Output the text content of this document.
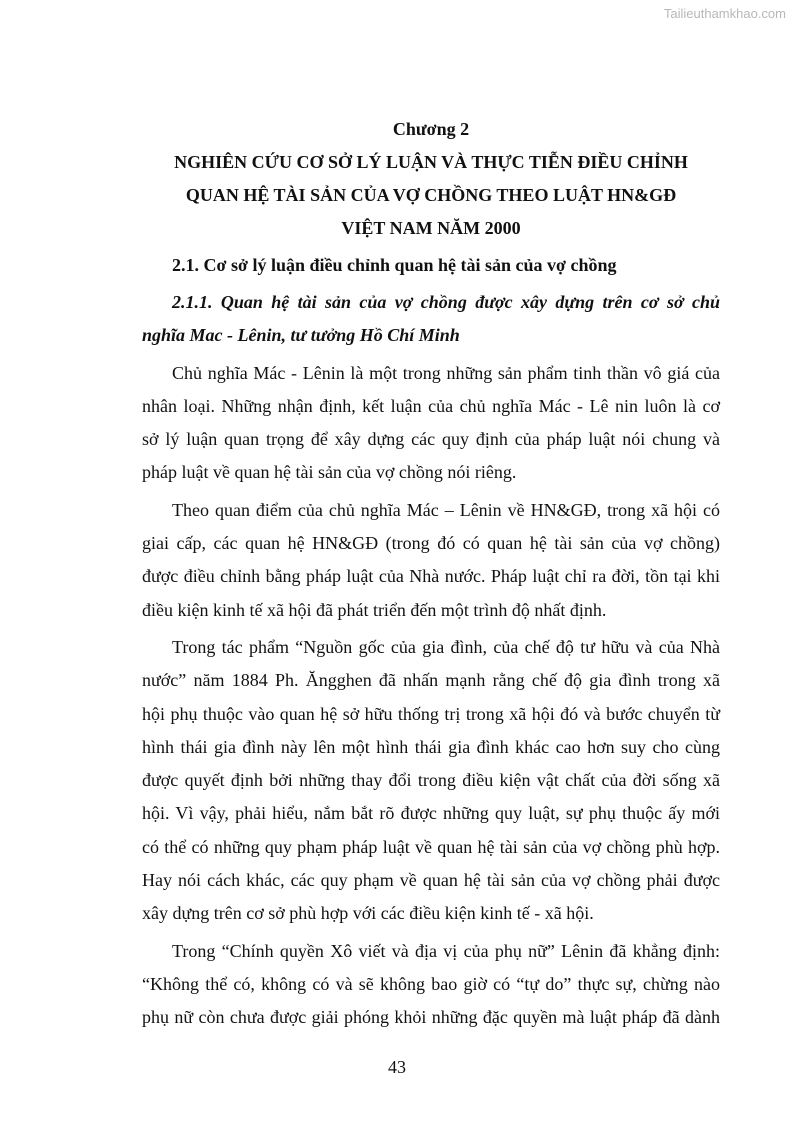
Tailieuthamkhao.com
Chương 2
NGHIÊN CỨU CƠ SỞ LÝ LUẬN VÀ THỰC TIỄN ĐIỀU CHỈNH
QUAN HỆ TÀI SẢN CỦA VỢ CHỒNG THEO LUẬT HN&GĐ
VIỆT NAM NĂM 2000
2.1. Cơ sở lý luận điều chỉnh quan hệ tài sản của vợ chồng
2.1.1. Quan hệ tài sản của vợ chồng được xây dựng trên cơ sở chủ
nghĩa Mac - Lênin, tư tưởng Hồ Chí Minh
Chủ nghĩa Mác - Lênin là một trong những sản phẩm tinh thần vô giá của
nhân loại. Những nhận định, kết luận của chủ nghĩa Mác - Lê nin luôn là cơ
sở lý luận quan trọng để xây dựng các quy định của pháp luật nói chung và
pháp luật về quan hệ tài sản của vợ chồng nói riêng.
Theo quan điểm của chủ nghĩa Mác – Lênin về HN&GĐ, trong xã hội có
giai cấp, các quan hệ HN&GĐ (trong đó có quan hệ tài sản của vợ chồng)
được điều chỉnh bằng pháp luật của Nhà nước. Pháp luật chỉ ra đời, tồn tại khi
điều kiện kinh tế xã hội đã phát triển đến một trình độ nhất định.
Trong tác phẩm “Nguồn gốc của gia đình, của chế độ tư hữu và của Nhà
nước” năm 1884 Ph. Ăngghen đã nhấn mạnh rằng chế độ gia đình trong xã
hội phụ thuộc vào quan hệ sở hữu thống trị trong xã hội đó và bước chuyển từ
hình thái gia đình này lên một hình thái gia đình khác cao hơn suy cho cùng
được quyết định bởi những thay đổi trong điều kiện vật chất của đời sống xã
hội. Vì vậy, phải hiểu, nắm bắt rõ được những quy luật, sự phụ thuộc ấy mới
có thể có những quy phạm pháp luật về quan hệ tài sản của vợ chồng phù hợp.
Hay nói cách khác, các quy phạm về quan hệ tài sản của vợ chồng phải được
xây dựng trên cơ sở phù hợp với các điều kiện kinh tế - xã hội.
Trong “Chính quyền Xô viết và địa vị của phụ nữ” Lênin đã khẳng định:
“Không thể có, không có và sẽ không bao giờ có “tự do” thực sự, chừng nào
phụ nữ còn chưa được giải phóng khỏi những đặc quyền mà luật pháp đã dành
43
